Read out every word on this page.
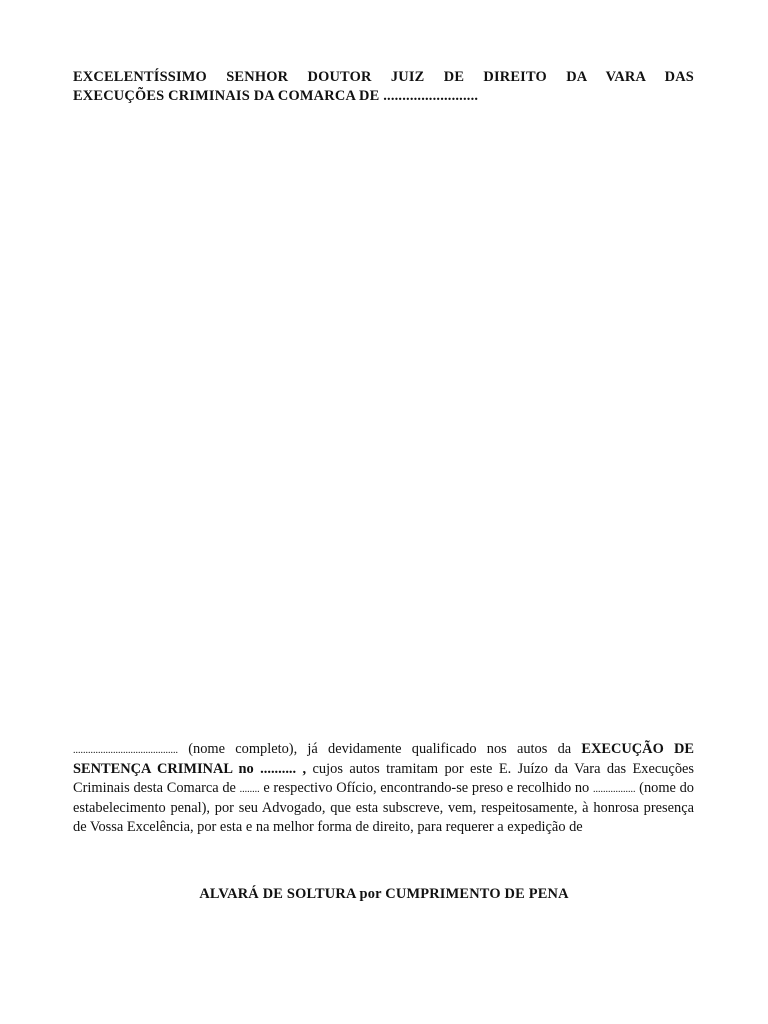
EXCELENTÍSSIMO SENHOR DOUTOR JUIZ DE DIREITO DA VARA DAS
EXECUÇÕES CRIMINAIS DA COMARCA DE .........................
.......................................... (nome completo), já devidamente qualificado nos autos da EXECUÇÃO DE SENTENÇA CRIMINAL no .......... , cujos autos tramitam por este E. Juízo da Vara das Execuções Criminais desta Comarca de ........ e respectivo Ofício, encontrando-se preso e recolhido no ................. (nome do estabelecimento penal), por seu Advogado, que esta subscreve, vem, respeitosamente, à honrosa presença de Vossa Excelência, por esta e na melhor forma de direito, para requerer a expedição de
ALVARÁ DE SOLTURA por CUMPRIMENTO DE PENA
